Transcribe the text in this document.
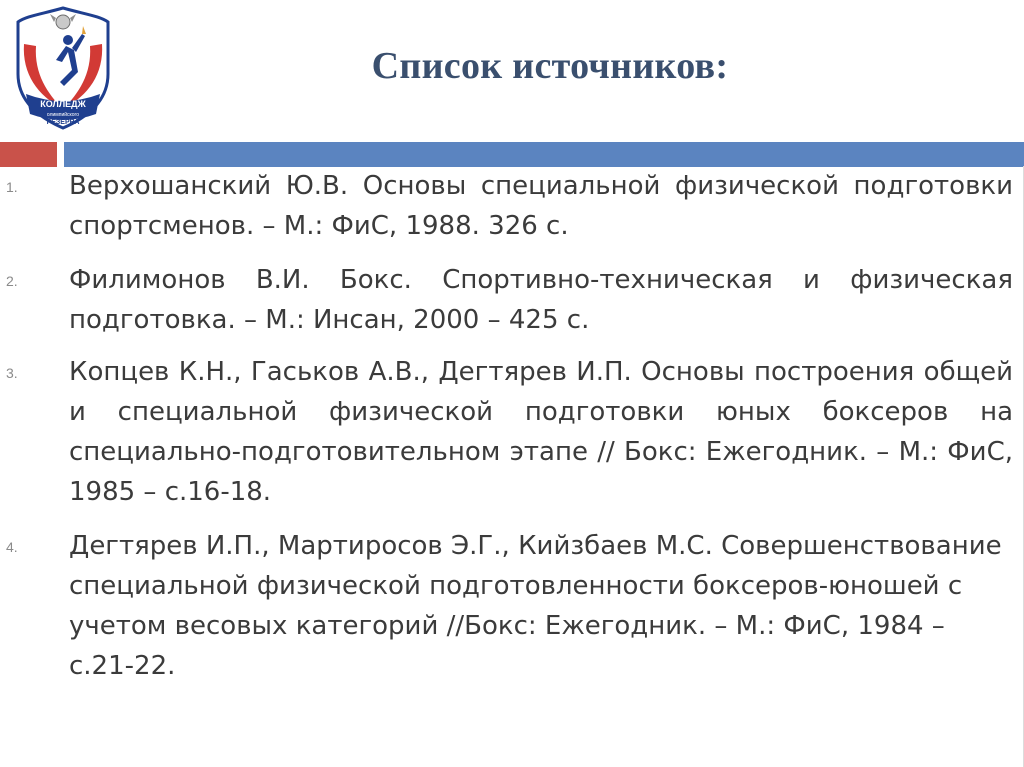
КОЛЛЕДЖ
олимпийского
РЕЗЕРВА
Список источников:
1. Верхошанский Ю.В. Основы специальной физической подготовки спортсменов. – М.: ФиС, 1988. 326 с.
2. Филимонов В.И. Бокс. Спортивно-техническая и физическая подготовка. – М.: Инсан, 2000 – 425 с.
3. Копцев К.Н., Гаськов А.В., Дегтярев И.П. Основы построения общей и специальной физической подготовки юных боксеров на специально-подготовительном этапе // Бокс: Ежегодник. – М.: ФиС, 1985 – с.16-18.
4. Дегтярев И.П., Мартиросов Э.Г., Кийзбаев М.С. Совершенствование специальной физической подготовленности боксеров-юношей с учетом весовых категорий //Бокс: Ежегодник. – М.: ФиС, 1984 – с.21-22.
